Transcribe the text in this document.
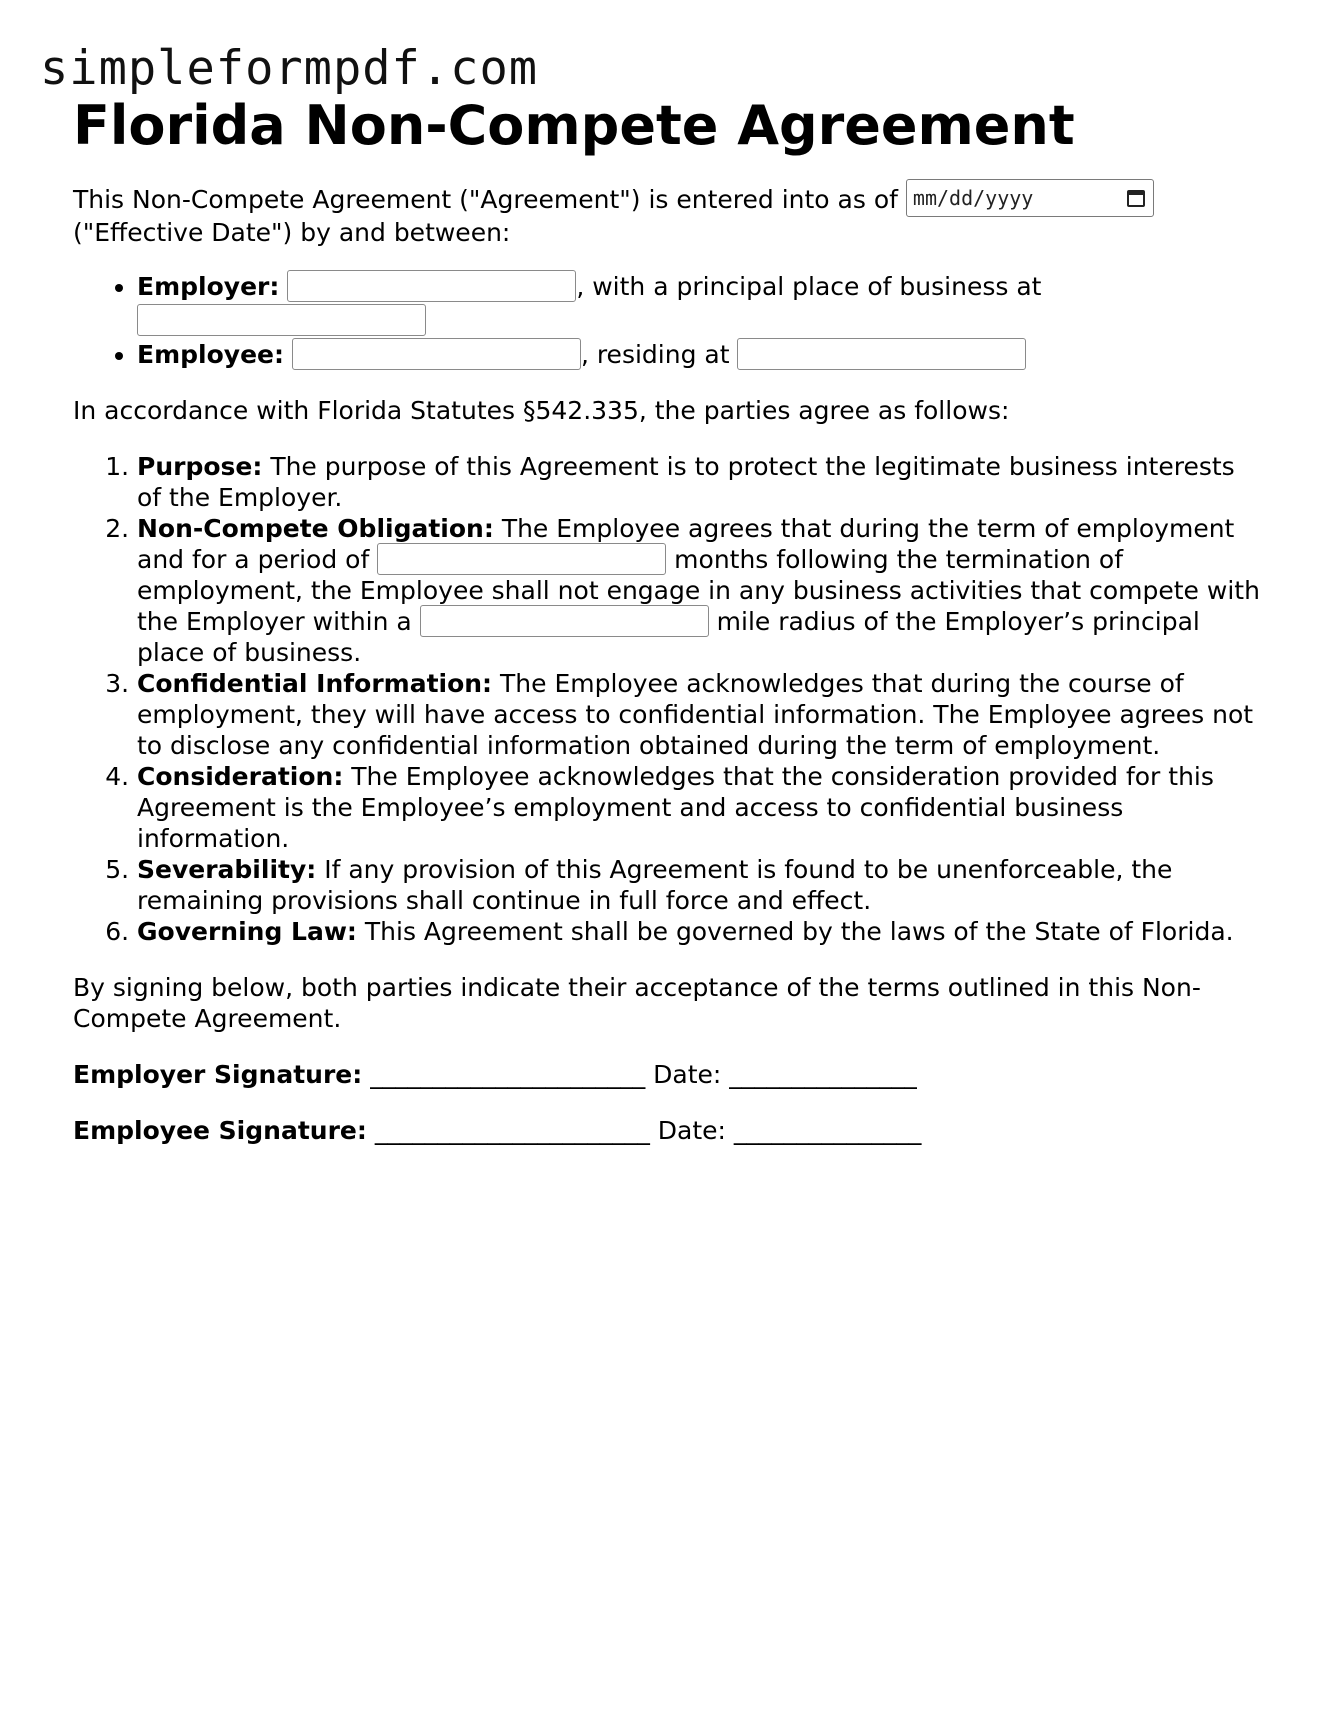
simpleformpdf.com
Florida Non-Compete Agreement

This Non-Compete Agreement ("Agreement") is entered into as of mm/dd/yyyy

("Effective Date") by and between:

• Employer:	, with a principal place of business at
• Employee:	, residing at

In accordance with Florida Statutes §542.335, the parties agree as follows:

1. Purpose: The purpose of this Agreement is to protect the legitimate business interests of the Employer.
2. Non-Compete Obligation: The Employee agrees that during the term of employment and for a period of	months following the termination of employment, the Employee shall not engage in any business activities that compete with the Employer within a	mile radius of the Employer’s principal place of business.
3. Confidential Information: The Employee acknowledges that during the course of employment, they will have access to confidential information. The Employee agrees not to disclose any confidential information obtained during the term of employment.
4. Consideration: The Employee acknowledges that the consideration provided for this Agreement is the Employee’s employment and access to confidential business information.
5. Severability: If any provision of this Agreement is found to be unenforceable, the remaining provisions shall continue in full force and effect.
6. Governing Law: This Agreement shall be governed by the laws of the State of Florida.

By signing below, both parties indicate their acceptance of the terms outlined in this Non-Compete Agreement.

Employer Signature: ______________________ Date: _______________

Employee Signature: ______________________ Date: _______________
